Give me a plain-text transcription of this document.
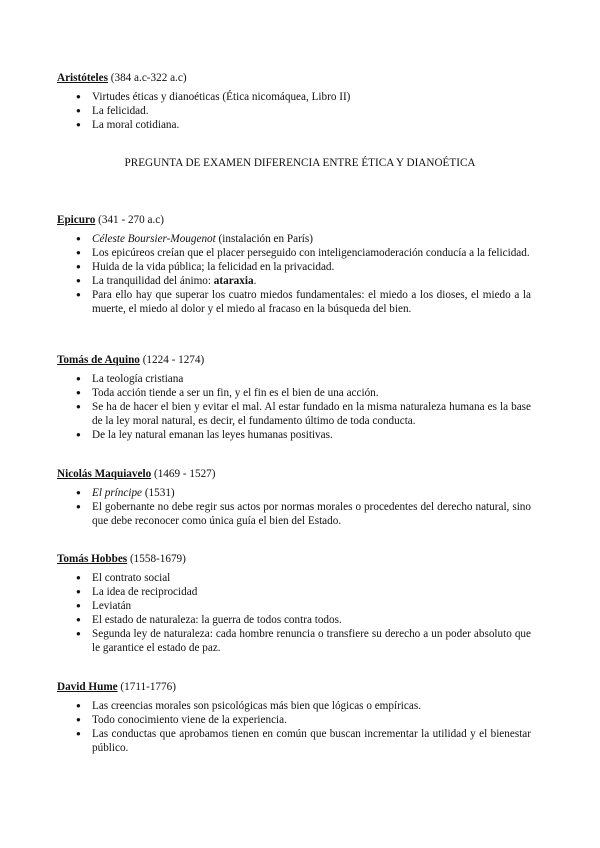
Aristóteles (384 a.c-322 a.c)

● Virtudes éticas y dianoéticas (Ética nicomáquea, Libro II)
● La felicidad.
● La moral cotidiana.
PREGUNTA DE EXAMEN DIFERENCIA ENTRE ÉTICA Y DIANOÉTICA

Epicuro (341 - 270 a.c)

● Céleste Boursier-Mougenot (instalación en París)
● Los epicúreos creían que el placer perseguido con inteligenciamoderación conducía a la felicidad.
● Huida de la vida pública; la felicidad en la privacidad.
● La tranquilidad del ánimo: ataraxia.
● Para ello hay que superar los cuatro miedos fundamentales: el miedo a los dioses, el miedo a la muerte, el miedo al dolor y el miedo al fracaso en la búsqueda del bien.

Tomás de Aquino (1224 - 1274)

● La teología cristiana
● Toda acción tiende a ser un fin, y el fin es el bien de una acción.
● Se ha de hacer el bien y evitar el mal. Al estar fundado en la misma naturaleza humana es la base de la ley moral natural, es decir, el fundamento último de toda conducta.
● De la ley natural emanan las leyes humanas positivas.

Nicolás Maquiavelo (1469 - 1527)

● El príncipe (1531)
● El gobernante no debe regir sus actos por normas morales o procedentes del derecho natural, sino que debe reconocer como única guía el bien del Estado.

Tomás Hobbes (1558-1679)

● El contrato social
● La idea de reciprocidad
● Leviatán
● El estado de naturaleza: la guerra de todos contra todos.
● Segunda ley de naturaleza: cada hombre renuncia o transfiere su derecho a un poder absoluto que le garantice el estado de paz.

David Hume (1711-1776)

● Las creencias morales son psicológicas más bien que lógicas o empíricas.
● Todo conocimiento viene de la experiencia.
● Las conductas que aprobamos tienen en común que buscan incrementar la utilidad y el bienestar público.
